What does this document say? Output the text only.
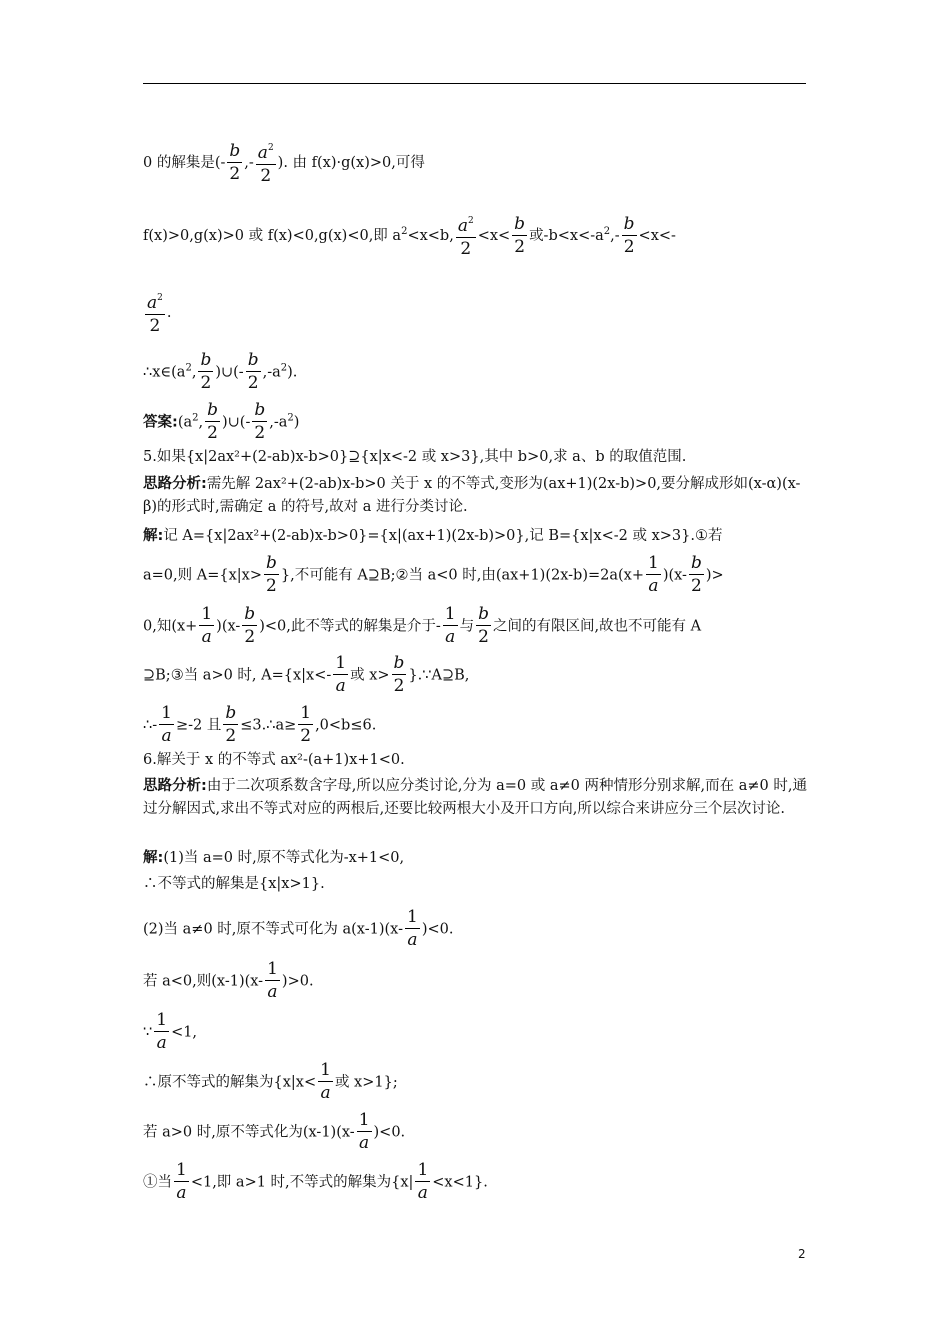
0 的解集是(- $\frac{b}{2}$ ,- $\frac{a^2}{2}$ ). 由 f(x)·g(x)>0,可得
f(x)>0,g(x)>0 或 f(x)<0,g(x)<0,即 $a^2<x<b$, $\frac{a^2}{2} <x< \frac{b}{2}$ 或$-b<x<-a^2,- \frac{b}{2} <x<-$
$\frac{a^2}{2}$ .
$\therefore x\in(a^2$, $\frac{b}{2}$ )∪(- $\frac{b}{2} ,-a^2$).
答案$:(a^2$, $\frac{b}{2}$ )∪(- $\frac{b}{2} ,-a^2$)
5.如果{x|2ax²+(2-ab)x-b>0}⊇{x|x<-2 或 x>3},其中 b>0,求 a、b 的取值范围.
思路分析:需先解 2ax²+(2-ab)x-b>0 关于 x 的不等式,变形为(ax+1)(2x-b)>0,要分解成形如(x-α)(x-β)的形式时,需确定 a 的符号,故对 a 进行分类讨论.
解:记 A={x|2ax²+(2-ab)x-b>0}={x|(ax+1)(2x-b)>0},记 B={x|x<-2 或 x>3}.①若
a=0,则 $A=\{x|x> \frac{b}{2}$ },不可能有 A⊇B;②当 a<0 时,由$(ax+1)(2x-b)=2a(x+ \frac{1}{a} )(x- \frac{b}{2}$ )>
0,知$(x+ \frac{1}{a} )(x- \frac{b}{2} )<0$,此不等式的解集是介于- $\frac{1}{a}$ 与 $\frac{b}{2}$ 之间的有限区间,故也不可能有 A
⊇B;③当 a>0 时, $A=\{x|x<- \frac{1}{a}$ 或 $x> \frac{b}{2}$ }.∵A⊇B,
∴- $\frac{1}{a} \ge-2$ 且 $\frac{b}{2}$ ≤3.∴a≥ $\frac{1}{2} ,0<b\le 6$.
6.解关于 x 的不等式 ax²-(a+1)x+1<0.
思路分析:由于二次项系数含字母,所以应分类讨论,分为 a=0 或 a≠0 两种情形分别求解,而在 a≠0 时,通过分解因式,求出不等式对应的两根后,还要比较两根大小及开口方向,所以综合来讲应分三个层次讨论.
解:(1)当 a=0 时,原不等式化为-x+1<0,
∴不等式的解集是{x|x>1}.
(2)当 a≠0 时,原不等式可化为 $a(x-1)(x- \frac{1}{a} )<0$.
若 a<0,则$(x-1)(x- \frac{1}{a} )>0$.
∵ $\frac{1}{a} <1$,
∴原不等式的解集为{$x|x< \frac{1}{a}$ 或 x>1};
若 a>0 时,原不等式化为$(x-1)(x- \frac{1}{a} )<0$.
①当 $\frac{1}{a} <1$,即 a>1 时,不等式的解集为$\{x| \frac{1}{a} <x<1\}$.
2
